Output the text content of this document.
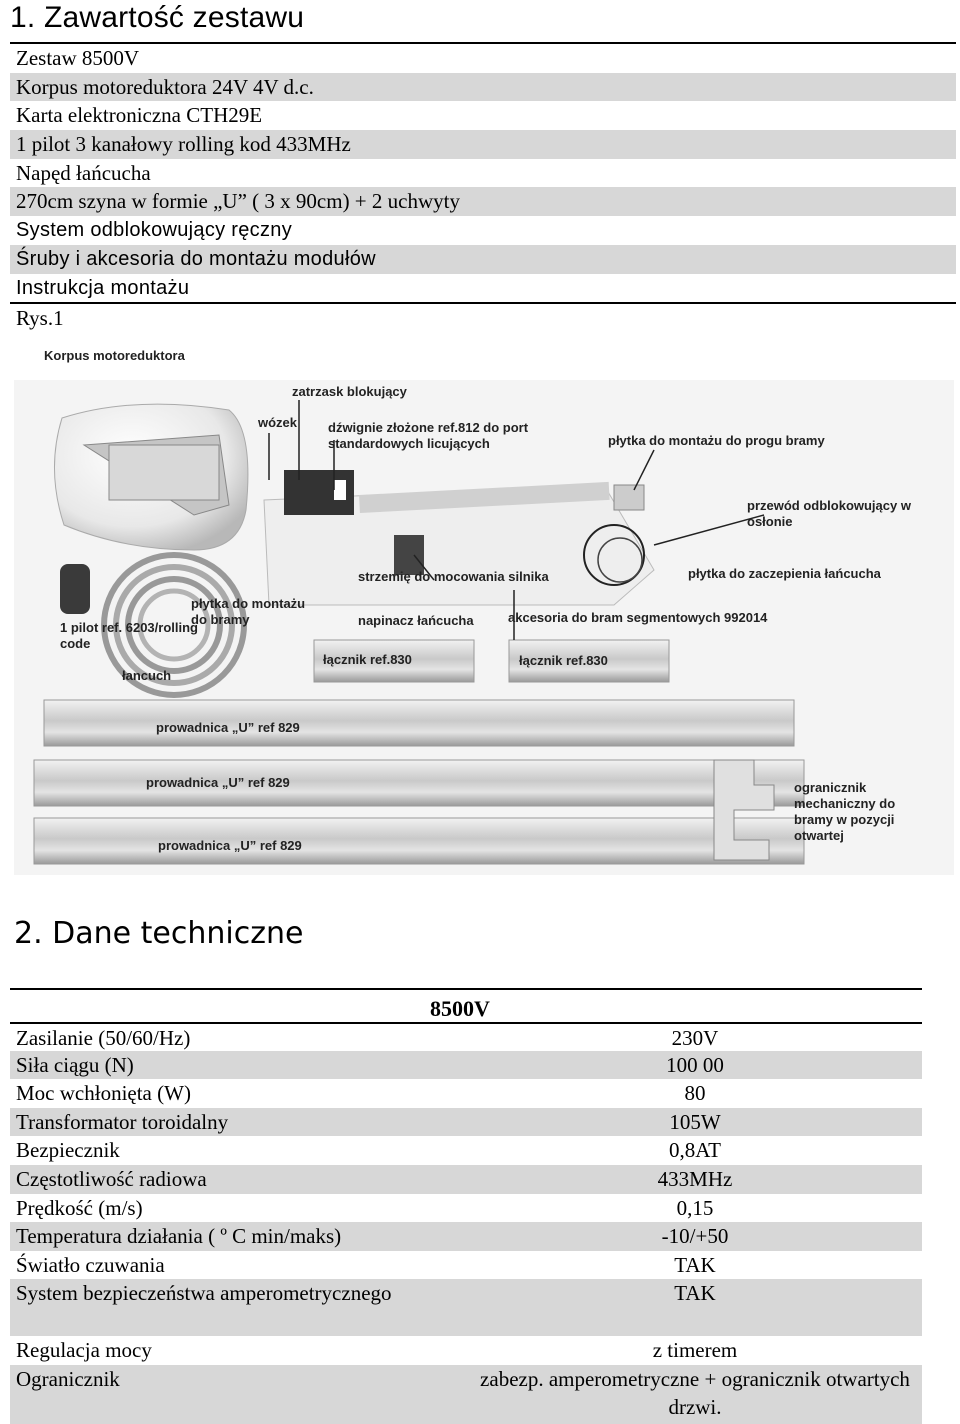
1. Zawartość zestawu
Zestaw 8500V
Korpus motoreduktora 24V 4V d.c.
Karta elektroniczna CTH29E
1 pilot 3 kanałowy rolling kod 433MHz
Napęd łańcucha
270cm szyna w formie „U” ( 3 x 90cm) + 2 uchwyty
System odblokowujący ręczny
Śruby i akcesoria do montażu modułów
Instrukcja montażu
Rys.1
Korpus motoreduktora
zatrzask blokujący
wózek dźwignie złożone ref.812 do port standardowych licujących	płytka do montażu do progu bramy
przewód odblokowujący w osłonie
strzemię do mocowania silnika	płytka do zaczepienia łańcucha
płytka do montażu do bramy
1 pilot ref. 6203/rolling code
łancuch
napinacz łańcucha	akcesoria do bram segmentowych 992014
łącznik ref.830	łącznik ref.830
prowadnica „U” ref 829
prowadnica „U” ref 829
prowadnica „U” ref 829
ogranicznik mechaniczny do bramy w pozycji otwartej
2. Dane techniczne
8500V
Zasilanie (50/60/Hz)	230V
Siła ciągu (N)	100 00
Moc wchłonięta (W)	80
Transformator toroidalny	105W
Bezpiecznik	0,8AT
Częstotliwość radiowa	433MHz
Prędkość (m/s)	0,15
Temperatura działania ( º C min/maks)	-10/+50
Światło czuwania	TAK
System bezpieczeństwa amperometrycznego	TAK
Regulacja mocy	z timerem
Ogranicznik	zabezp. amperometryczne + ogranicznik otwartych drzwi.
